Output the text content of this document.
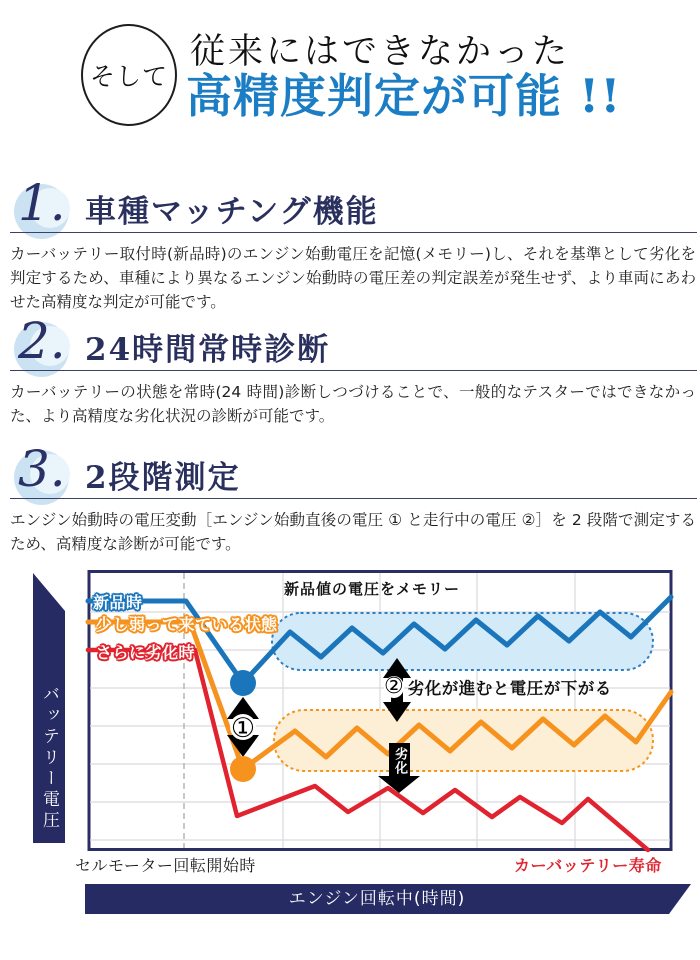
そして
従来にはできなかった
高精度判定が可能 !!
1. 車種マッチング機能
カーバッテリー取付時(新品時)のエンジン始動電圧を記憶(メモリー)し、それを基準として劣化を判定するため、車種により異なるエンジン始動時の電圧差の判定誤差が発生せず、より車両にあわせた高精度な判定が可能です。
2. 24時間常時診断
カーバッテリーの状態を常時(24 時間)診断しつづけることで、一般的なテスターではできなかった、より高精度な劣化状況の診断が可能です。
3. 2段階測定
エンジン始動時の電圧変動［エンジン始動直後の電圧 ① と走行中の電圧 ②］を 2 段階で測定するため、高精度な診断が可能です。
①
バッテリー電圧
新品時
少し弱って来ている状態
さらに劣化時
新品値の電圧をメモリー
② 劣化が進むと電圧が下がる
劣化
セルモーター回転開始時	カーバッテリー寿命
エンジン回転中(時間)
